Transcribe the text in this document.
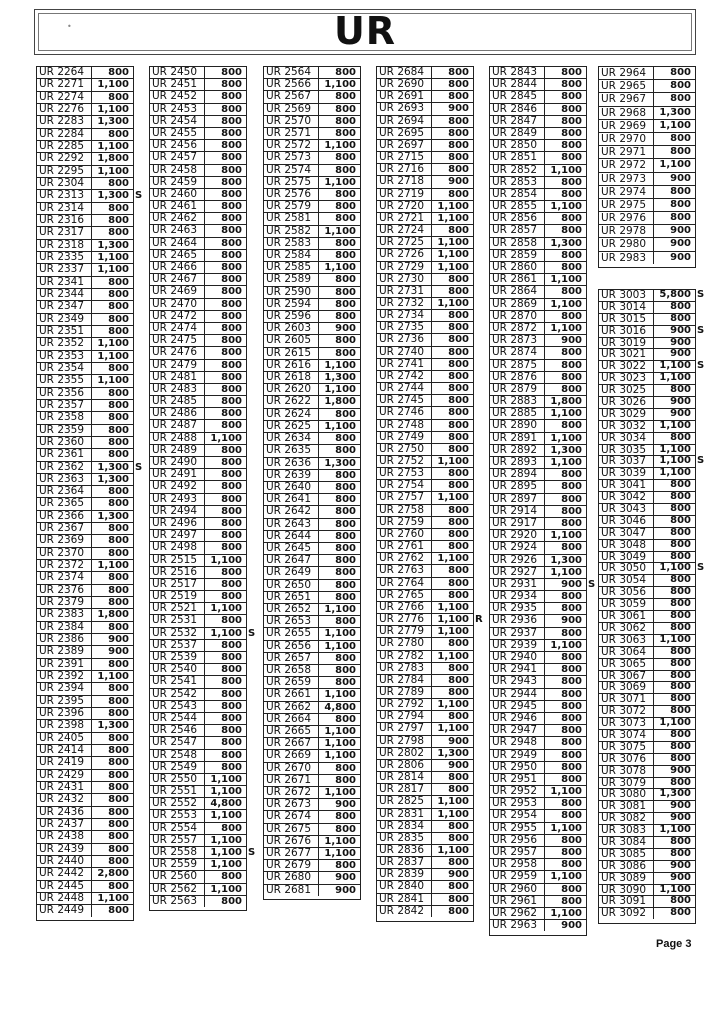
•	UR
UR 2264	800
UR 2271	1,100
UR 2274	800
UR 2276	1,100
UR 2283	1,300
UR 2284	800
UR 2285	1,100
UR 2292	1,800
UR 2295	1,100
UR 2304	800
UR 2313	1,300 S
UR 2314	800
UR 2316	800
UR 2317	800
UR 2318	1,300
UR 2335	1,100
UR 2337	1,100
UR 2341	800
UR 2344	800
UR 2347	800
UR 2349	800
UR 2351	800
UR 2352	1,100
UR 2353	1,100
UR 2354	800
UR 2355	1,100
UR 2356	800
UR 2357	800
UR 2358	800
UR 2359	800
UR 2360	800
UR 2361	800
UR 2362	1,300 S
UR 2363	1,300
UR 2364	800
UR 2365	800
UR 2366	1,300
UR 2367	800
UR 2369	800
UR 2370	800
UR 2372	1,100
UR 2374	800
UR 2376	800
UR 2379	800
UR 2383	1,800
UR 2384	800
UR 2386	900
UR 2389	900
UR 2391	800
UR 2392	1,100
UR 2394	800
UR 2395	800
UR 2396	800
UR 2398	1,300
UR 2405	800
UR 2414	800
UR 2419	800
UR 2429	800
UR 2431	800
UR 2432	800
UR 2436	800
UR 2437	800
UR 2438	800
UR 2439	800
UR 2440	800
UR 2442	2,800
UR 2445	800
UR 2448	1,100
UR 2449	800
UR 2450	800
UR 2451	800
UR 2452	800
UR 2453	800
UR 2454	800
UR 2455	800
UR 2456	800
UR 2457	800
UR 2458	800
UR 2459	800
UR 2460	800
UR 2461	800
UR 2462	800
UR 2463	800
UR 2464	800
UR 2465	800
UR 2466	800
UR 2467	800
UR 2469	800
UR 2470	800
UR 2472	800
UR 2474	800
UR 2475	800
UR 2476	800
UR 2479	800
UR 2481	800
UR 2483	800
UR 2485	800
UR 2486	800
UR 2487	800
UR 2488	1,100
UR 2489	800
UR 2490	800
UR 2491	800
UR 2492	800
UR 2493	800
UR 2494	800
UR 2496	800
UR 2497	800
UR 2498	800
UR 2515	1,100
UR 2516	800
UR 2517	800
UR 2519	800
UR 2521	1,100
UR 2531	800
UR 2532	1,100 S
UR 2537	800
UR 2539	800
UR 2540	800
UR 2541	800
UR 2542	800
UR 2543	800
UR 2544	800
UR 2546	800
UR 2547	800
UR 2548	800
UR 2549	800
UR 2550	1,100
UR 2551	1,100
UR 2552	4,800
UR 2553	1,100
UR 2554	800
UR 2557	1,100
UR 2558	1,100 S
UR 2559	1,100
UR 2560	800
UR 2562	1,100
UR 2563	800
UR 2564	800
UR 2566	1,100
UR 2567	800
UR 2569	800
UR 2570	800
UR 2571	800
UR 2572	1,100
UR 2573	800
UR 2574	800
UR 2575	1,100
UR 2576	800
UR 2579	800
UR 2581	800
UR 2582	1,100
UR 2583	800
UR 2584	800
UR 2585	1,100
UR 2589	800
UR 2590	800
UR 2594	800
UR 2596	800
UR 2603	900
UR 2605	800
UR 2615	800
UR 2616	1,100
UR 2618	1,300
UR 2620	1,100
UR 2622	1,800
UR 2624	800
UR 2625	1,100
UR 2634	800
UR 2635	800
UR 2636	1,300
UR 2639	800
UR 2640	800
UR 2641	800
UR 2642	800
UR 2643	800
UR 2644	800
UR 2645	800
UR 2647	800
UR 2649	800
UR 2650	800
UR 2651	800
UR 2652	1,100
UR 2653	800
UR 2655	1,100
UR 2656	1,100
UR 2657	800
UR 2658	800
UR 2659	800
UR 2661	1,100
UR 2662	4,800
UR 2664	800
UR 2665	1,100
UR 2667	1,100
UR 2669	1,100
UR 2670	800
UR 2671	800
UR 2672	1,100
UR 2673	900
UR 2674	800
UR 2675	800
UR 2676	1,100
UR 2677	1,100
UR 2679	800
UR 2680	900
UR 2681	900
UR 2684	800
UR 2690	800
UR 2691	800
UR 2693	900
UR 2694	800
UR 2695	800
UR 2697	800
UR 2715	800
UR 2716	800
UR 2718	900
UR 2719	800
UR 2720	1,100
UR 2721	1,100
UR 2724	800
UR 2725	1,100
UR 2726	1,100
UR 2729	1,100
UR 2730	800
UR 2731	800
UR 2732	1,100
UR 2734	800
UR 2735	800
UR 2736	800
UR 2740	800
UR 2741	800
UR 2742	800
UR 2744	800
UR 2745	800
UR 2746	800
UR 2748	800
UR 2749	800
UR 2750	800
UR 2752	1,100
UR 2753	800
UR 2754	800
UR 2757	1,100
UR 2758	800
UR 2759	800
UR 2760	800
UR 2761	800
UR 2762	1,100
UR 2763	800
UR 2764	800
UR 2765	800
UR 2766	1,100
UR 2776	1,100 R
UR 2779	1,100
UR 2780	800
UR 2782	1,100
UR 2783	800
UR 2784	800
UR 2789	800
UR 2792	1,100
UR 2794	800
UR 2797	1,100
UR 2798	900
UR 2802	1,300
UR 2806	900
UR 2814	800
UR 2817	800
UR 2825	1,100
UR 2831	1,100
UR 2834	800
UR 2835	800
UR 2836	1,100
UR 2837	800
UR 2839	900
UR 2840	800
UR 2841	800
UR 2842	800
UR 2843	800
UR 2844	800
UR 2845	800
UR 2846	800
UR 2847	800
UR 2849	800
UR 2850	800
UR 2851	800
UR 2852	1,100
UR 2853	800
UR 2854	800
UR 2855	1,100
UR 2856	800
UR 2857	800
UR 2858	1,300
UR 2859	800
UR 2860	800
UR 2861	1,100
UR 2864	800
UR 2869	1,100
UR 2870	800
UR 2872	1,100
UR 2873	900
UR 2874	800
UR 2875	800
UR 2876	800
UR 2879	800
UR 2883	1,800
UR 2885	1,100
UR 2890	800
UR 2891	1,100
UR 2892	1,300
UR 2893	1,100
UR 2894	800
UR 2895	800
UR 2897	800
UR 2914	800
UR 2917	800
UR 2920	1,100
UR 2924	800
UR 2926	1,300
UR 2927	1,100
UR 2931	900 S
UR 2934	800
UR 2935	800
UR 2936	900
UR 2937	800
UR 2939	1,100
UR 2940	800
UR 2941	800
UR 2943	800
UR 2944	800
UR 2945	800
UR 2946	800
UR 2947	800
UR 2948	800
UR 2949	800
UR 2950	800
UR 2951	800
UR 2952	1,100
UR 2953	800
UR 2954	800
UR 2955	1,100
UR 2956	800
UR 2957	800
UR 2958	800
UR 2959	1,100
UR 2960	800
UR 2961	800
UR 2962	1,100
UR 2963	900
UR 2964	800
UR 2965	800
UR 2967	800
UR 2968	1,300
UR 2969	1,100
UR 2970	800
UR 2971	800
UR 2972	1,100
UR 2973	900
UR 2974	800
UR 2975	800
UR 2976	800
UR 2978	900
UR 2980	900
UR 2983	900
UR 3003	5,800 S
UR 3014	800
UR 3015	800
UR 3016	900 S
UR 3019	900
UR 3021	900
UR 3022	1,100 S
UR 3023	1,100
UR 3025	800
UR 3026	900
UR 3029	900
UR 3032	1,100
UR 3034	800
UR 3035	1,100
UR 3037	1,100 S
UR 3039	1,100
UR 3041	800
UR 3042	800
UR 3043	800
UR 3046	800
UR 3047	800
UR 3048	800
UR 3049	800
UR 3050	1,100 S
UR 3054	800
UR 3056	800
UR 3059	800
UR 3061	800
UR 3062	800
UR 3063	1,100
UR 3064	800
UR 3065	800
UR 3067	800
UR 3069	800
UR 3071	800
UR 3072	800
UR 3073	1,100
UR 3074	800
UR 3075	800
UR 3076	800
UR 3078	900
UR 3079	800
UR 3080	1,300
UR 3081	900
UR 3082	900
UR 3083	1,100
UR 3084	800
UR 3085	800
UR 3086	900
UR 3089	900
UR 3090	1,100
UR 3091	800
UR 3092	800
Page 3
